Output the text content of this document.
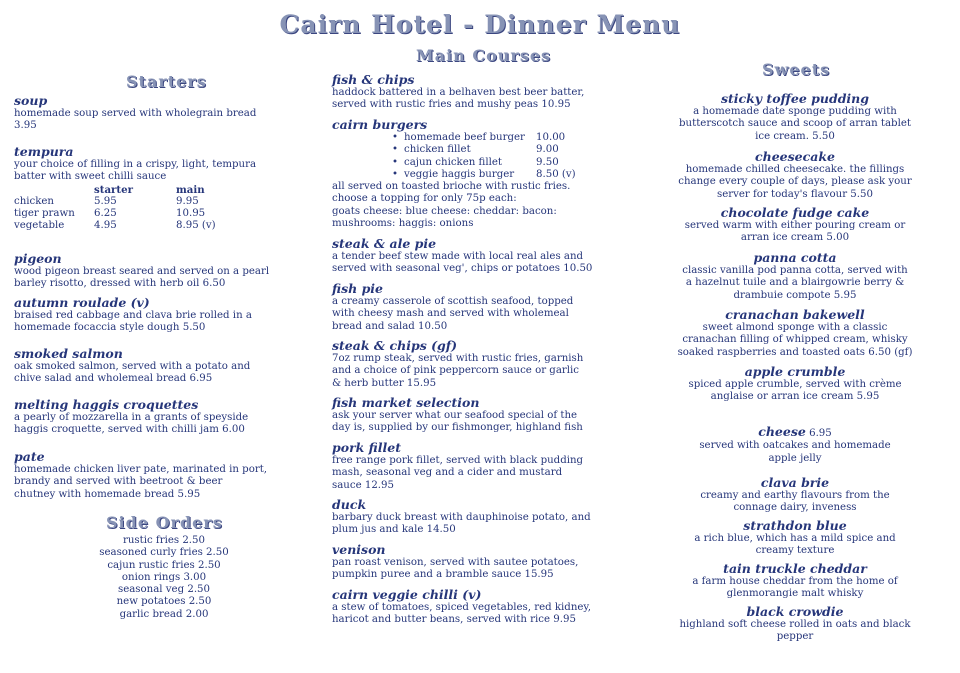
Cairn Hotel - Dinner Menu
Starters
soup
homemade soup served with wholegrain bread
3.95
tempura
your choice of filling in a crispy, light, tempura
batter with sweet chilli sauce
starter	main
chicken	5.95	9.95
tiger prawn	6.25	10.95
vegetable	4.95	8.95 (v)
pigeon
wood pigeon breast seared and served on a pearl
barley risotto, dressed with herb oil 6.50
autumn roulade (v)
braised red cabbage and clava brie rolled in a
homemade focaccia style dough 5.50
smoked salmon
oak smoked salmon, served with a potato and
chive salad and wholemeal bread 6.95
melting haggis croquettes
a pearly of mozzarella in a grants of speyside
haggis croquette, served with chilli jam 6.00
pate
homemade chicken liver pate, marinated in port,
brandy and served with beetroot & beer
chutney with homemade bread 5.95
Side Orders
rustic fries 2.50
seasoned curly fries 2.50
cajun rustic fries 2.50
onion rings 3.00
seasonal veg 2.50
new potatoes 2.50
garlic bread 2.00
Main Courses
fish & chips
haddock battered in a belhaven best beer batter,
served with rustic fries and mushy peas 10.95
cairn burgers
•
homemade beef burger	10.00
•
chicken fillet	9.00
•
cajun chicken fillet	9.50
•
veggie haggis burger	8.50 (v)
all served on toasted brioche with rustic fries.
choose a topping for only 75p each:
goats cheese: blue cheese: cheddar: bacon:
mushrooms: haggis: onions
steak & ale pie
a tender beef stew made with local real ales and
served with seasonal veg', chips or potatoes 10.50
fish pie
a creamy casserole of scottish seafood, topped
with cheesy mash and served with wholemeal
bread and salad 10.50
steak & chips (gf)
7oz rump steak, served with rustic fries, garnish
and a choice of pink peppercorn sauce or garlic
& herb butter 15.95
fish market selection
ask your server what our seafood special of the
day is, supplied by our fishmonger, highland fish
pork fillet
free range pork fillet, served with black pudding
mash, seasonal veg and a cider and mustard
sauce 12.95
duck
barbary duck breast with dauphinoise potato, and
plum jus and kale 14.50
venison
pan roast venison, served with sautee potatoes,
pumpkin puree and a bramble sauce 15.95
cairn veggie chilli (v)
a stew of tomatoes, spiced vegetables, red kidney,
haricot and butter beans, served with rice 9.95
Sweets
sticky toffee pudding
a homemade date sponge pudding with
butterscotch sauce and scoop of arran tablet
ice cream. 5.50
cheesecake
homemade chilled cheesecake. the fillings
change every couple of days, please ask your
server for today's flavour 5.50
chocolate fudge cake
served warm with either pouring cream or
arran ice cream 5.00
panna cotta
classic vanilla pod panna cotta, served with
a hazelnut tuile and a blairgowrie berry &
drambuie compote 5.95
cranachan bakewell
sweet almond sponge with a classic
cranachan filling of whipped cream, whisky
soaked raspberries and toasted oats 6.50 (gf)
apple crumble
spiced apple crumble, served with crème
anglaise or arran ice cream 5.95
cheese 6.95
served with oatcakes and homemade
apple jelly
clava brie
creamy and earthy flavours from the
connage dairy, inveness
strathdon blue
a rich blue, which has a mild spice and
creamy texture
tain truckle cheddar
a farm house cheddar from the home of
glenmorangie malt whisky
black crowdie
highland soft cheese rolled in oats and black
pepper
